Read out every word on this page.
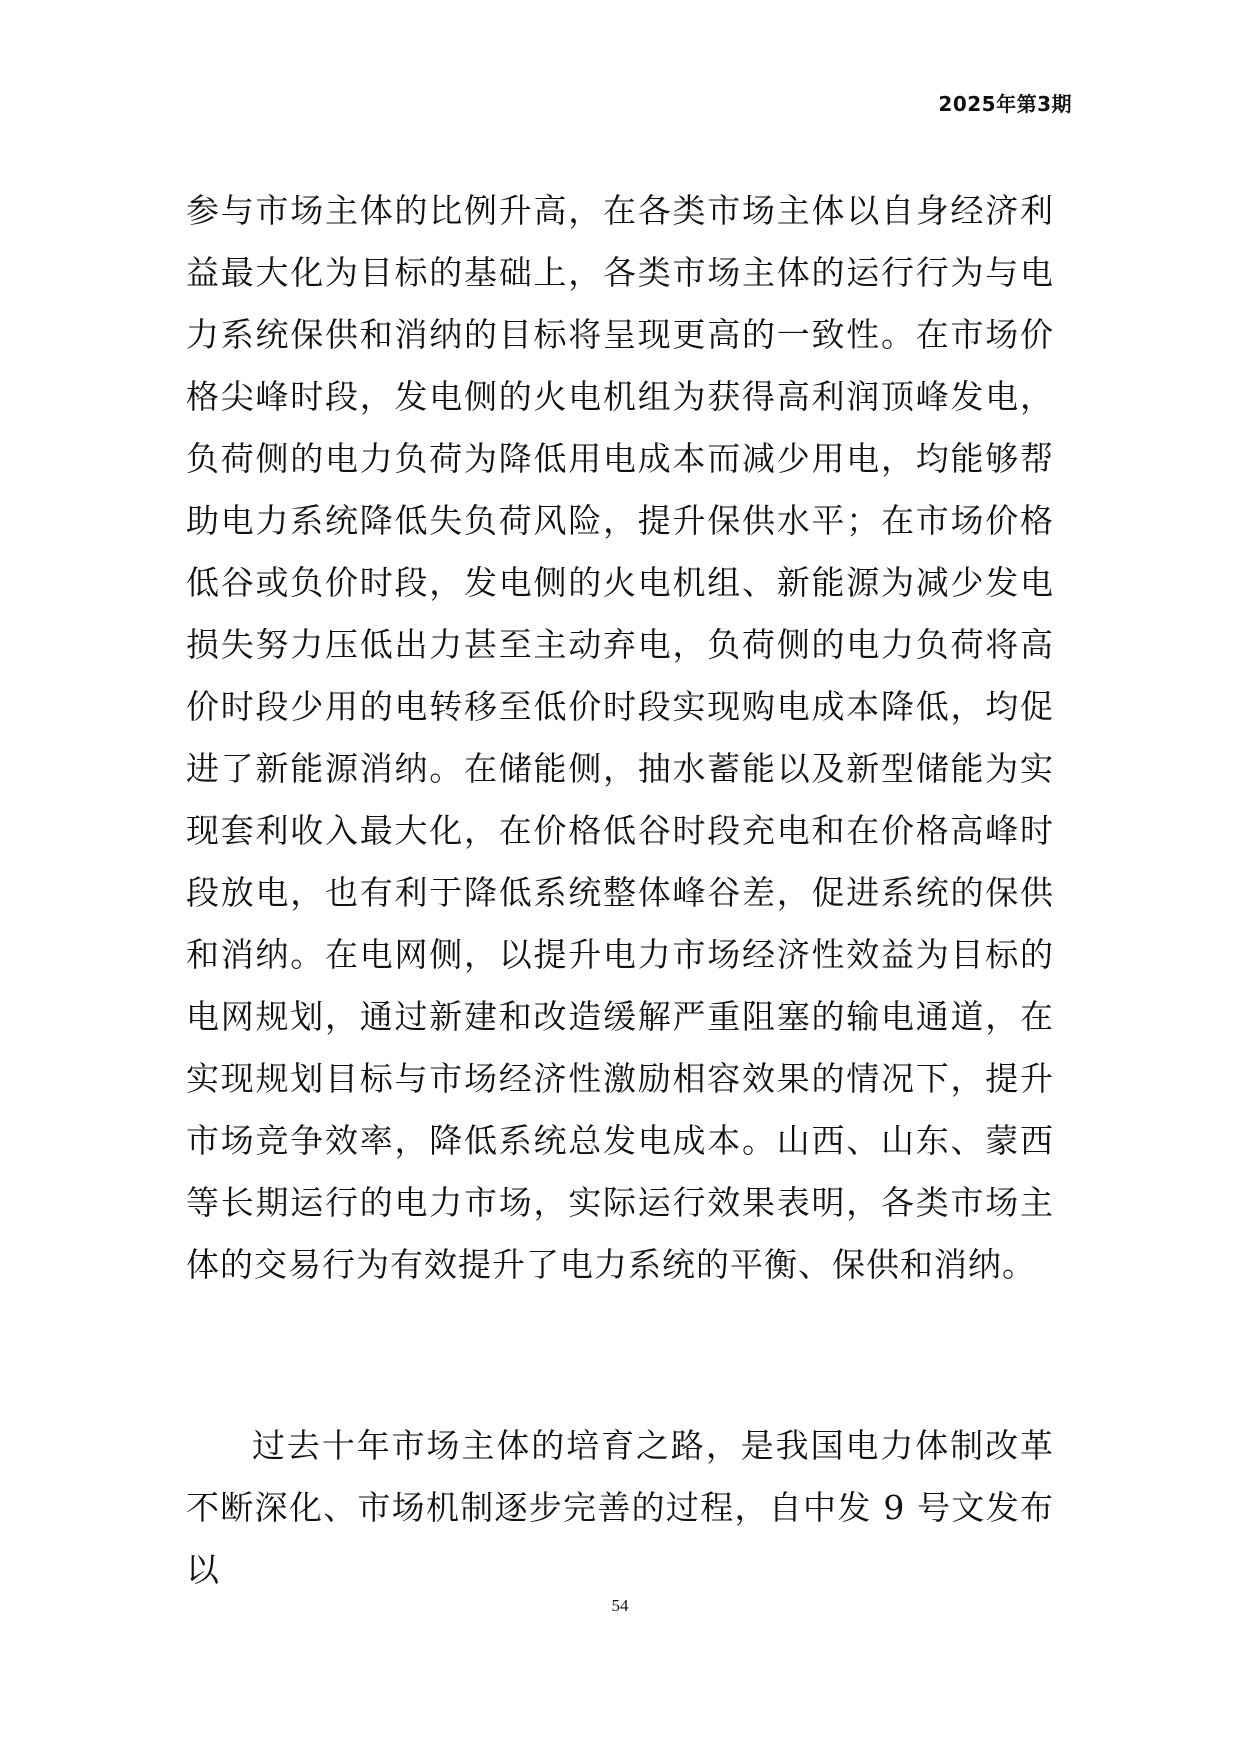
2025年第3期

参与市场主体的比例升高，在各类市场主体以自身经济利益最大化为目标的基础上，各类市场主体的运行行为与电力系统保供和消纳的目标将呈现更高的一致性。在市场价格尖峰时段，发电侧的火电机组为获得高利润顶峰发电，负荷侧的电力负荷为降低用电成本而减少用电，均能够帮助电力系统降低失负荷风险，提升保供水平；在市场价格低谷或负价时段，发电侧的火电机组、新能源为减少发电损失努力压低出力甚至主动弃电，负荷侧的电力负荷将高价时段少用的电转移至低价时段实现购电成本降低，均促进了新能源消纳。在储能侧，抽水蓄能以及新型储能为实现套利收入最大化，在价格低谷时段充电和在价格高峰时段放电，也有利于降低系统整体峰谷差，促进系统的保供和消纳。在电网侧，以提升电力市场经济性效益为目标的电网规划，通过新建和改造缓解严重阻塞的输电通道，在实现规划目标与市场经济性激励相容效果的情况下，提升市场竞争效率，降低系统总发电成本。山西、山东、蒙西等长期运行的电力市场，实际运行效果表明，各类市场主体的交易行为有效提升了电力系统的平衡、保供和消纳。

过去十年市场主体的培育之路，是我国电力体制改革不断深化、市场机制逐步完善的过程，自中发 9 号文发布以

54
